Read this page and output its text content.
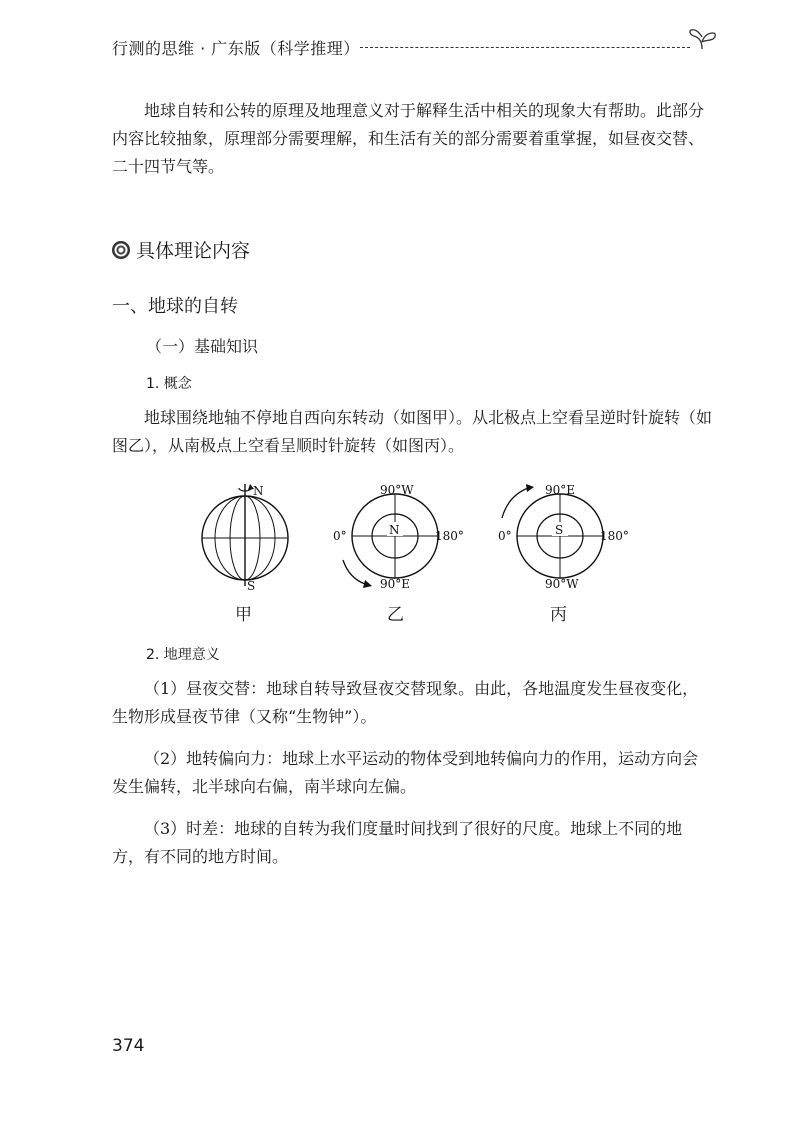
行测的思维 · 广东版（科学推理）
地球自转和公转的原理及地理意义对于解释生活中相关的现象大有帮助。此部分内容比较抽象，原理部分需要理解，和生活有关的部分需要着重掌握，如昼夜交替、二十四节气等。
具体理论内容
一、地球的自转
（一）基础知识
1. 概念
地球围绕地轴不停地自西向东转动（如图甲）。从北极点上空看呈逆时针旋转（如图乙），从南极点上空看呈顺时针旋转（如图丙）。
N
S
N
90°W
90°E
0°	180°	S
90°E
90°W
0°	180°
甲	乙	丙
2. 地理意义
（1）昼夜交替：地球自转导致昼夜交替现象。由此，各地温度发生昼夜变化，生物形成昼夜节律（又称“生物钟”）。
（2）地转偏向力：地球上水平运动的物体受到地转偏向力的作用，运动方向会发生偏转，北半球向右偏，南半球向左偏。
（3）时差：地球的自转为我们度量时间找到了很好的尺度。地球上不同的地方，有不同的地方时间。
374
